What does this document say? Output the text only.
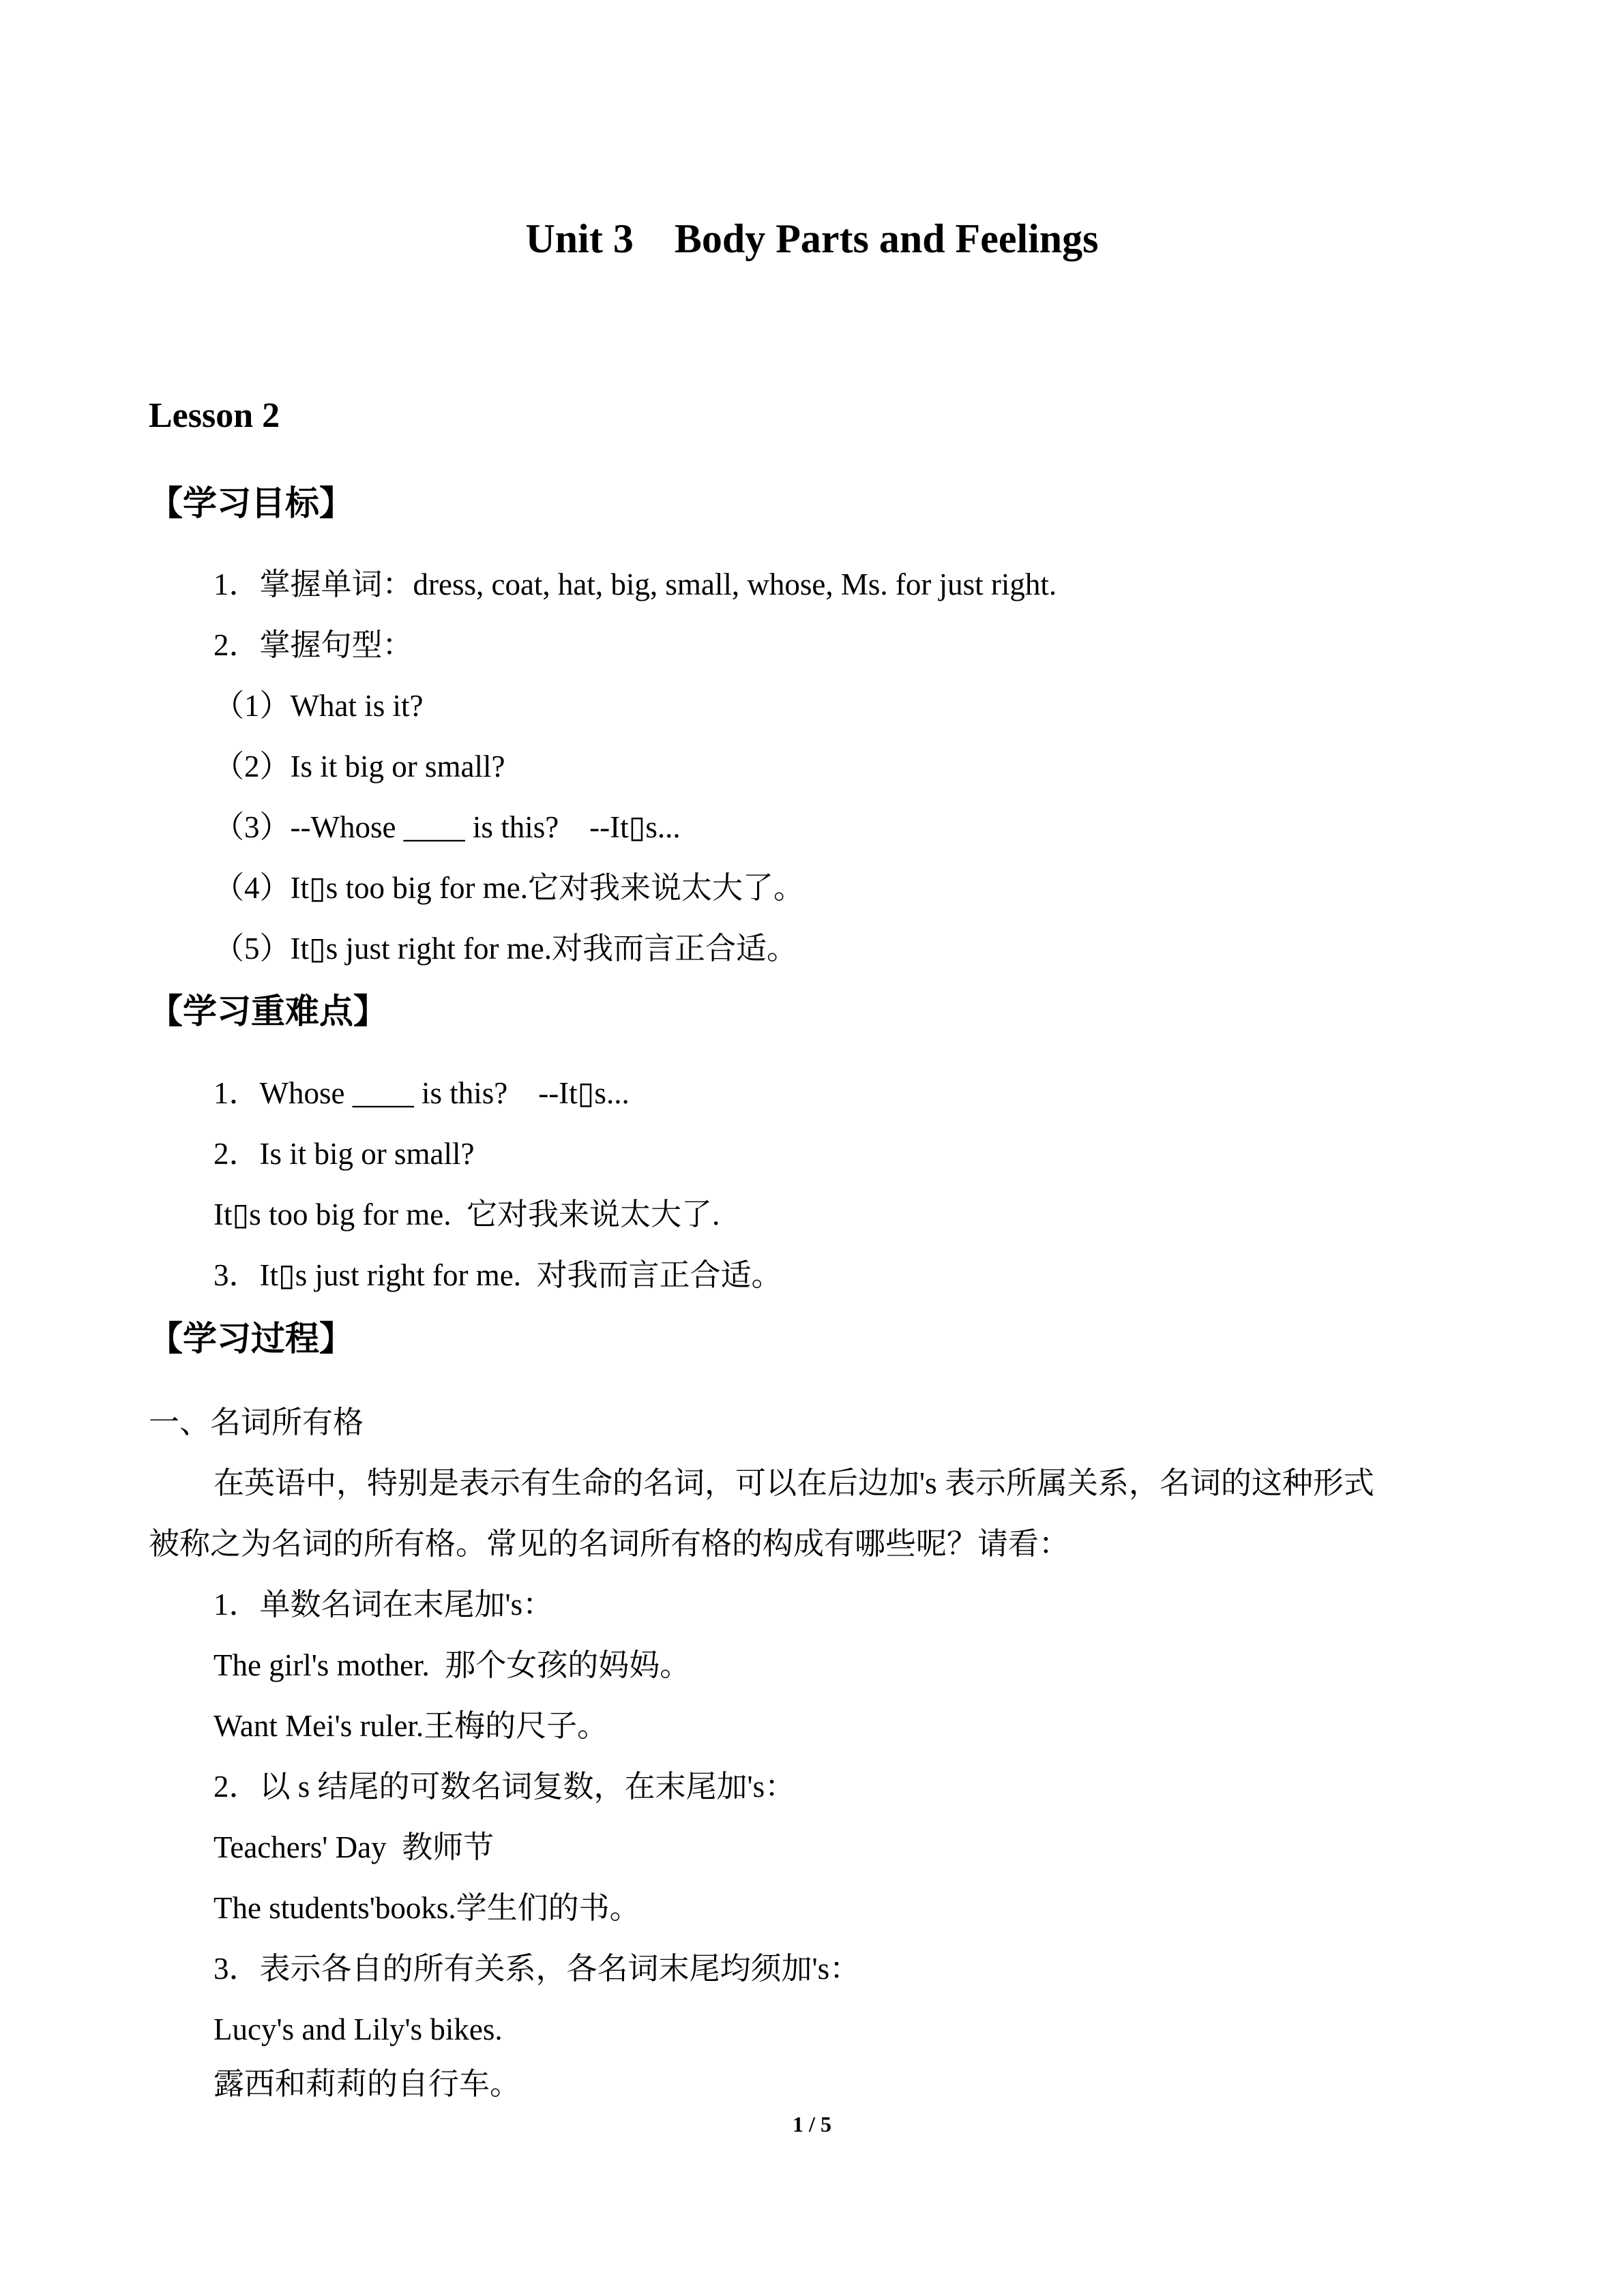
Unit 3    Body Parts and Feelings
Lesson 2
【学习目标】
1．掌握单词：dress, coat, hat, big, small, whose, Ms. for just right.
2．掌握句型：
（1）What is it?
（2）Is it big or small?
（3）--Whose ____ is this?    --It▯s...
（4）It▯s too big for me.它对我来说太大了。
（5）It▯s just right for me.对我而言正合适。
【学习重难点】
1．Whose ____ is this?    --It▯s...
2．Is it big or small?
It▯s too big for me.  它对我来说太大了.
3．It▯s just right for me.  对我而言正合适。
【学习过程】
一、名词所有格
在英语中，特别是表示有生命的名词，可以在后边加's 表示所属关系，名词的这种形式
被称之为名词的所有格。常见的名词所有格的构成有哪些呢？请看：
1．单数名词在末尾加's：
The girl's mother.  那个女孩的妈妈。
Want Mei's ruler.王梅的尺子。
2．以 s 结尾的可数名词复数，在末尾加's：
Teachers' Day  教师节
The students'books.学生们的书。
3．表示各自的所有关系，各名词末尾均须加's：
Lucy's and Lily's bikes.
露西和莉莉的自行车。
1 / 5
